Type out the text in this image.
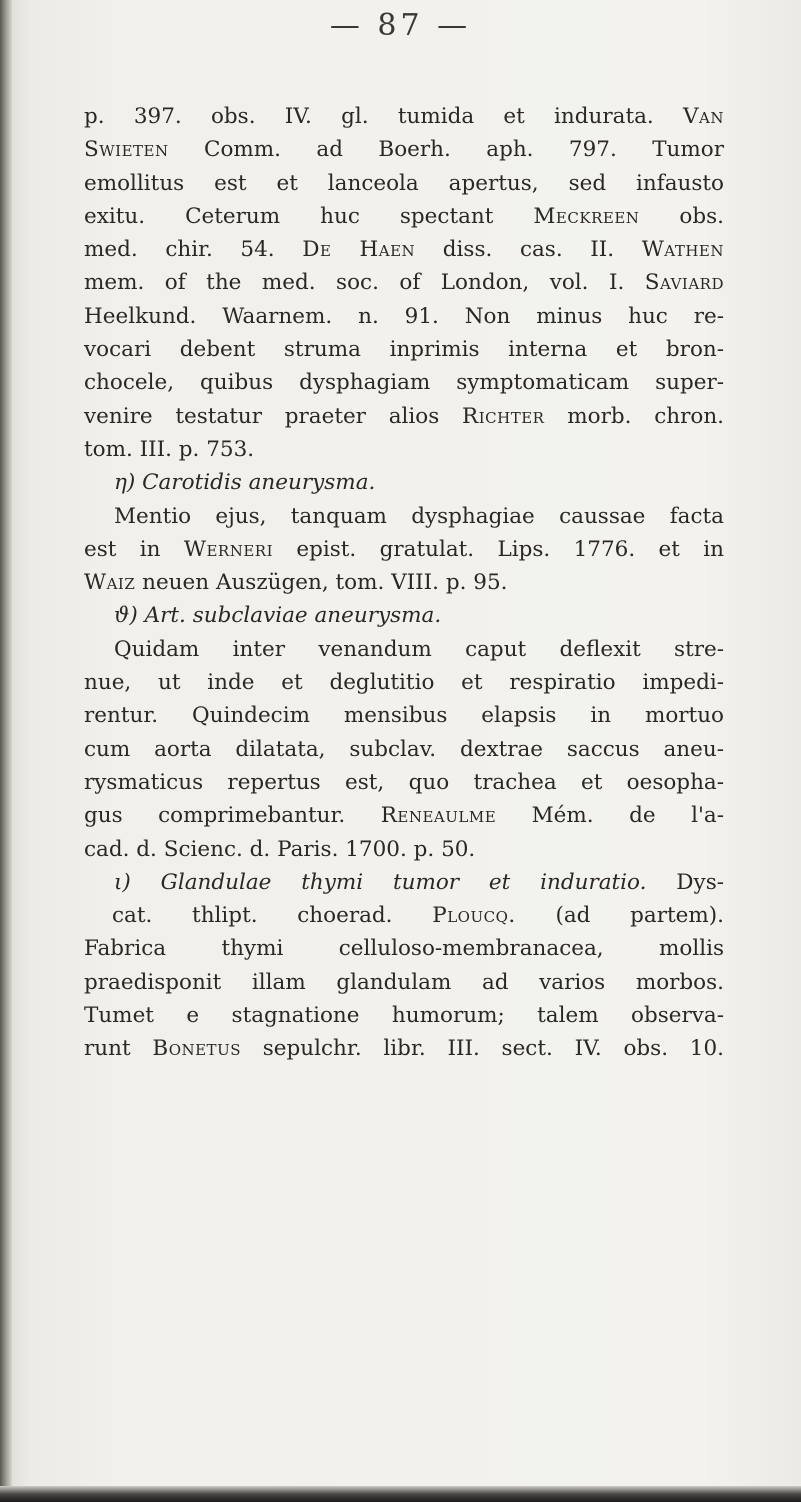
— 87 —
p. 397. obs. IV. gl. tumida et indurata. Van
Swieten Comm. ad Boerh. aph. 797. Tumor
emollitus est et lanceola apertus, sed infausto
exitu. Ceterum huc spectant Meckreen obs.
med. chir. 54. De Haen diss. cas. II. Wathen
mem. of the med. soc. of London, vol. I. Saviard
Heelkund. Waarnem. n. 91. Non minus huc re-
vocari debent struma inprimis interna et bron-
chocele, quibus dysphagiam symptomaticam super-
venire testatur praeter alios Richter morb. chron.
tom. III. p. 753.
η) Carotidis aneurysma.
Mentio ejus, tanquam dysphagiae caussae facta
est in Werneri epist. gratulat. Lips. 1776. et in
Waiz neuen Auszügen, tom. VIII. p. 95.
ϑ) Art. subclaviae aneurysma.
Quidam inter venandum caput deflexit stre-
nue, ut inde et deglutitio et respiratio impedi-
rentur. Quindecim mensibus elapsis in mortuo
cum aorta dilatata, subclav. dextrae saccus aneu-
rysmaticus repertus est, quo trachea et oesopha-
gus comprimebantur. Reneaulme Mém. de l'a-
cad. d. Scienc. d. Paris. 1700. p. 50.
ι) Glandulae thymi tumor et induratio. Dys-
cat. thlipt. choerad. Ploucq. (ad partem).
Fabrica thymi celluloso-membranacea, mollis
praedisponit illam glandulam ad varios morbos.
Tumet e stagnatione humorum; talem observa-
runt Bonetus sepulchr. libr. III. sect. IV. obs. 10.
